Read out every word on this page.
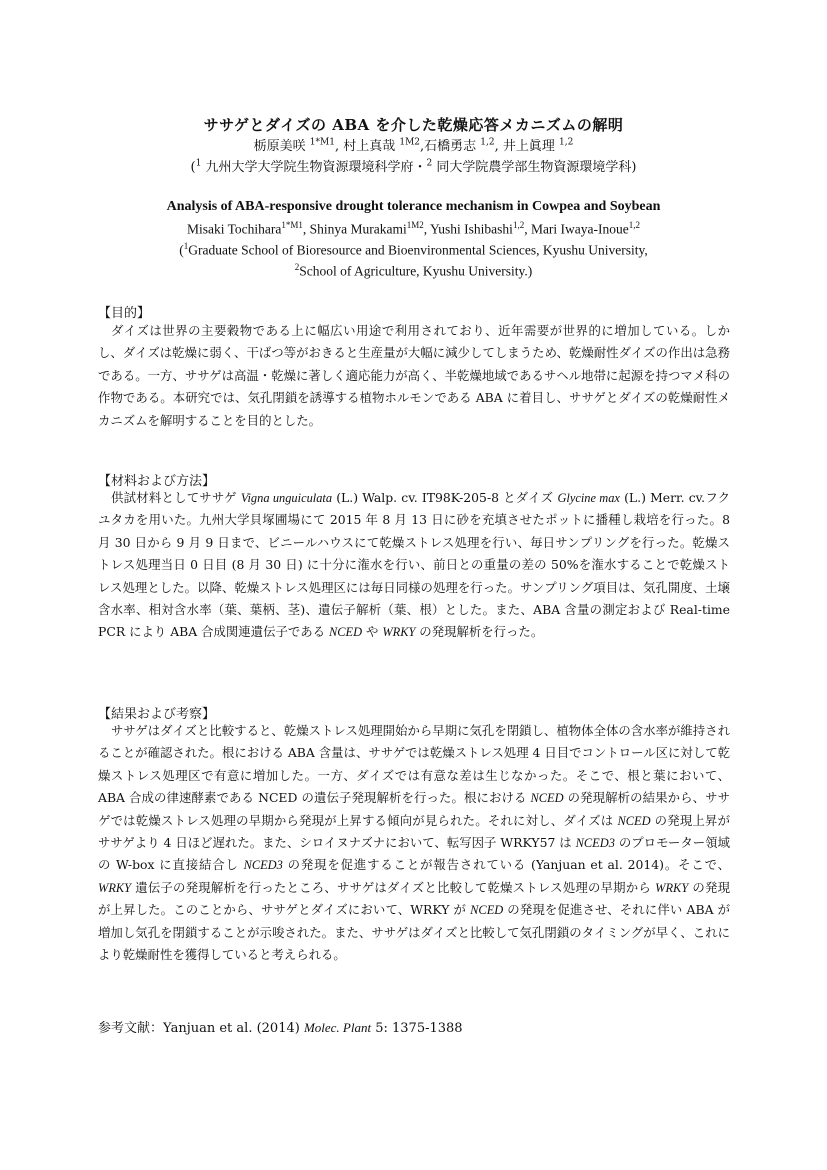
ササゲとダイズの ABA を介した乾燥応答メカニズムの解明
栃原美咲 $^{1*M1}$, 村上真哉 $^{1M2}$,石橋勇志 $^{1,2}$, 井上眞理 $^{1,2}$
($^1$ 九州大学大学院生物資源環境科学府・$^2$ 同大学院農学部生物資源環境学科)
Analysis of ABA-responsive drought tolerance mechanism in Cowpea and Soybean
Misaki Tochihara$^{1*M1}$, Shinya Murakami$^{1M2}$, Yushi Ishibashi$^{1,2}$, Mari Iwaya-Inoue$^{1,2}$
($^1$Graduate School of Bioresource and Bioenvironmental Sciences, Kyushu University,
$^2$School of Agriculture, Kyushu University.)
【目的】
ダイズは世界の主要穀物である上に幅広い用途で利用されており、近年需要が世界的に増加している。しかし、ダイズは乾燥に弱く、干ばつ等がおきると生産量が大幅に減少してしまうため、乾燥耐性ダイズの作出は急務である。一方、ササゲは高温・乾燥に著しく適応能力が高く、半乾燥地域であるサヘル地帯に起源を持つマメ科の作物である。本研究では、気孔閉鎖を誘導する植物ホルモンである ABA に着目し、ササゲとダイズの乾燥耐性メカニズムを解明することを目的とした。
【材料および方法】
供試材料としてササゲ Vigna unguiculata (L.) Walp. cv. IT98K-205-8 とダイズ Glycine max (L.) Merr. cv.フクユタカを用いた。九州大学貝塚圃場にて 2015 年 8 月 13 日に砂を充填させたポットに播種し栽培を行った。8 月 30 日から 9 月 9 日まで、ビニールハウスにて乾燥ストレス処理を行い、毎日サンプリングを行った。乾燥ストレス処理当日 0 日目 (8 月 30 日) に十分に潅水を行い、前日との重量の差の 50%を潅水することで乾燥ストレス処理とした。以降、乾燥ストレス処理区には毎日同様の処理を行った。サンプリング項目は、気孔開度、土壌含水率、相対含水率（葉、葉柄、茎)、遺伝子解析（葉、根）とした。また、ABA 含量の測定および Real-time PCR により ABA 合成関連遺伝子である NCED や WRKY の発現解析を行った。
【結果および考察】
ササゲはダイズと比較すると、乾燥ストレス処理開始から早期に気孔を閉鎖し、植物体全体の含水率が維持されることが確認された。根における ABA 含量は、ササゲでは乾燥ストレス処理 4 日目でコントロール区に対して乾燥ストレス処理区で有意に増加した。一方、ダイズでは有意な差は生じなかった。そこで、根と葉において、ABA 合成の律速酵素である NCED の遺伝子発現解析を行った。根における NCED の発現解析の結果から、ササゲでは乾燥ストレス処理の早期から発現が上昇する傾向が見られた。それに対し、ダイズは NCED の発現上昇がササゲより 4 日ほど遅れた。また、シロイヌナズナにおいて、転写因子 WRKY57 は NCED3 のプロモーター領域の W-box に直接結合し NCED3 の発現を促進することが報告されている (Yanjuan et al. 2014)。そこで、WRKY 遺伝子の発現解析を行ったところ、ササゲはダイズと比較して乾燥ストレス処理の早期から WRKY の発現が上昇した。このことから、ササゲとダイズにおいて、WRKY が NCED の発現を促進させ、それに伴い ABA が増加し気孔を閉鎖することが示唆された。また、ササゲはダイズと比較して気孔閉鎖のタイミングが早く、これにより乾燥耐性を獲得していると考えられる。
参考文献：Yanjuan et al. (2014) Molec. Plant 5: 1375-1388
